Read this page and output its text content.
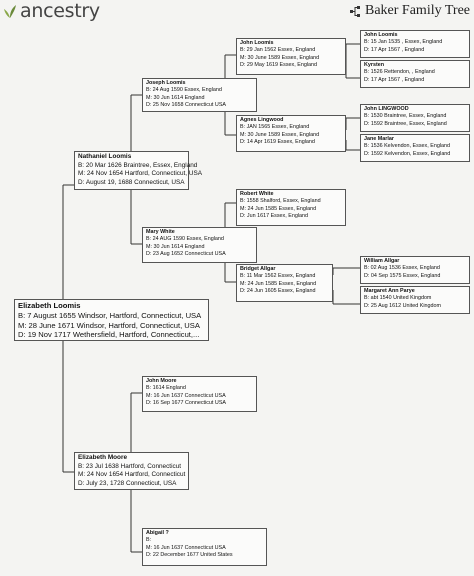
ancestry	Baker Family Tree
Elizabeth Loomis
B: 7 August 1655 Windsor, Hartford, Connecticut, USA
M: 28 June 1671 Windsor, Hartford, Connecticut, USA
D: 19 Nov 1717 Wethersfield, Hartford, Connecticut,...
Nathaniel Loomis
B: 20 Mar 1626 Braintree, Essex, England
M: 24 Nov 1654 Hartford, Connecticut, USA
D: August 19, 1688 Connecticut, USA
Elizabeth Moore
B: 23 Jul 1638 Hartford, Connecticut
M: 24 Nov 1654 Hartford, Connecticut
D: July 23, 1728 Connecticut, USA
Joseph Loomis
B: 24 Aug 1590 Essex, England
M: 30 Jun 1614 England
D: 25 Nov 1658 Connecticut USA
Mary White
B: 24 AUG 1590 Essex, England
M: 30 Jun 1614 England
D: 23 Aug 1652 Connecticut USA
John Moore
B: 1614 England
M: 16 Jun 1637 Connecticut USA
D: 16 Sep 1677 Connecticut USA
Abigail ?
B:
M: 16 Jun 1637 Connecticut USA
D: 22 December 1677 United States
John Loomis
B: 29 Jan 1562 Essex, England
M: 30 June 1589 Essex, England
D: 29 May 1619 Essex, England
Agnes Lingwood
B: JAN 1565 Essex, England
M: 30 June 1589 Essex, England
D: 14 Apr 1619 Essex, England
Robert White
B: 1558 Shalford, Essex, England
M: 24 Jun 1585 Essex, England
D: Jun 1617 Essex, England
Bridget Allgar
B: 11 Mar 1562 Essex, England
M: 24 Jun 1585 Essex, England
D: 24 Jun 1605 Essex, England
John Loomis
B: 15 Jan 1535 , Essex, England
D: 17 Apr 1567 , England
Kyrsten
B: 1526 Rettendon, , England
D: 17 Apr 1567 , England
John LINGWOOD
B: 1530 Braintree, Essex, England
D: 1592 Braintree, Essex, England
Jane Marlar
B: 1536 Kelvendon, Essex, England
D: 1592 Kelvendon, Essex, England
William Allgar
B: 02 Aug 1536 Essex, England
D: 04 Sep 1575 Essex, England
Margaret Ann Parye
B: abt 1540 United Kingdom
D: 25 Aug 1612 United Kingdom
